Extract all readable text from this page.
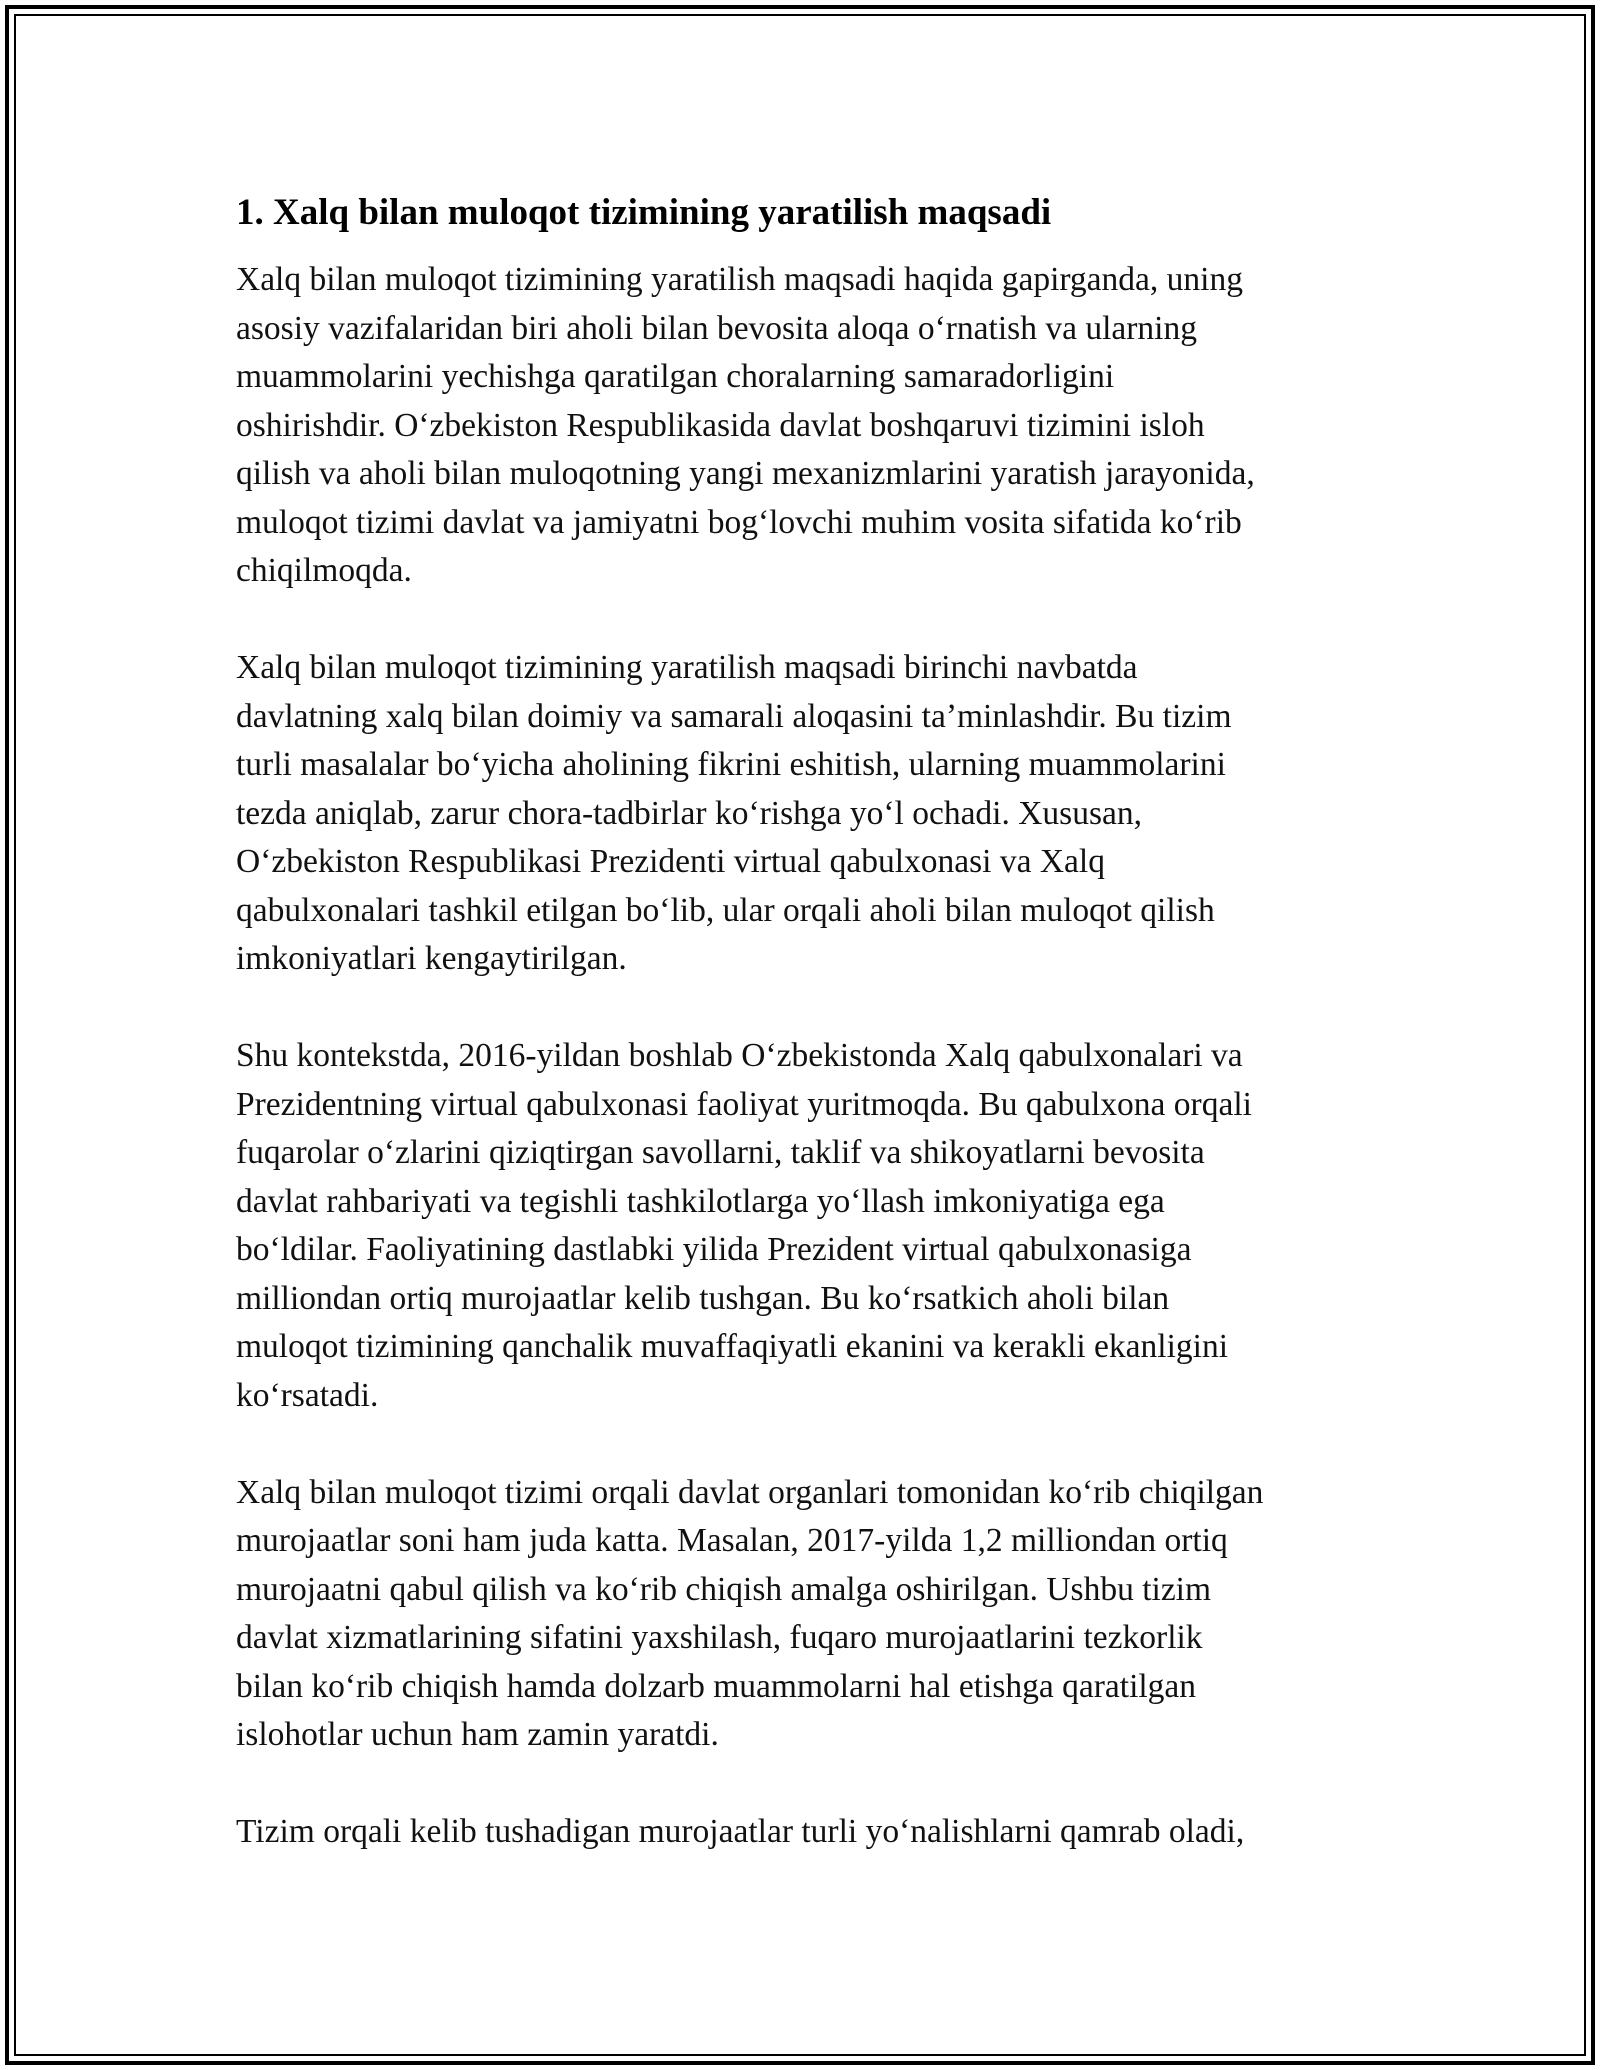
1. Xalq bilan muloqot tizimining yaratilish maqsadi

Xalq bilan muloqot tizimining yaratilish maqsadi haqida gapirganda, uning
asosiy vazifalaridan biri aholi bilan bevosita aloqa oʻrnatish va ularning
muammolarini yechishga qaratilgan choralarning samaradorligini
oshirishdir. Oʻzbekiston Respublikasida davlat boshqaruvi tizimini isloh
qilish va aholi bilan muloqotning yangi mexanizmlarini yaratish jarayonida,
muloqot tizimi davlat va jamiyatni bogʻlovchi muhim vosita sifatida koʻrib
chiqilmoqda.

Xalq bilan muloqot tizimining yaratilish maqsadi birinchi navbatda
davlatning xalq bilan doimiy va samarali aloqasini taʼminlashdir. Bu tizim
turli masalalar boʻyicha aholining fikrini eshitish, ularning muammolarini
tezda aniqlab, zarur chora-tadbirlar koʻrishga yoʻl ochadi. Xususan,
Oʻzbekiston Respublikasi Prezidenti virtual qabulxonasi va Xalq
qabulxonalari tashkil etilgan boʻlib, ular orqali aholi bilan muloqot qilish
imkoniyatlari kengaytirilgan.

Shu kontekstda, 2016-yildan boshlab Oʻzbekistonda Xalq qabulxonalari va
Prezidentning virtual qabulxonasi faoliyat yuritmoqda. Bu qabulxona orqali
fuqarolar oʻzlarini qiziqtirgan savollarni, taklif va shikoyatlarni bevosita
davlat rahbariyati va tegishli tashkilotlarga yoʻllash imkoniyatiga ega
boʻldilar. Faoliyatining dastlabki yilida Prezident virtual qabulxonasiga
milliondan ortiq murojaatlar kelib tushgan. Bu koʻrsatkich aholi bilan
muloqot tizimining qanchalik muvaffaqiyatli ekanini va kerakli ekanligini
koʻrsatadi.

Xalq bilan muloqot tizimi orqali davlat organlari tomonidan koʻrib chiqilgan
murojaatlar soni ham juda katta. Masalan, 2017-yilda 1,2 milliondan ortiq
murojaatni qabul qilish va koʻrib chiqish amalga oshirilgan. Ushbu tizim
davlat xizmatlarining sifatini yaxshilash, fuqaro murojaatlarini tezkorlik
bilan koʻrib chiqish hamda dolzarb muammolarni hal etishga qaratilgan
islohotlar uchun ham zamin yaratdi.

Tizim orqali kelib tushadigan murojaatlar turli yoʻnalishlarni qamrab oladi,
